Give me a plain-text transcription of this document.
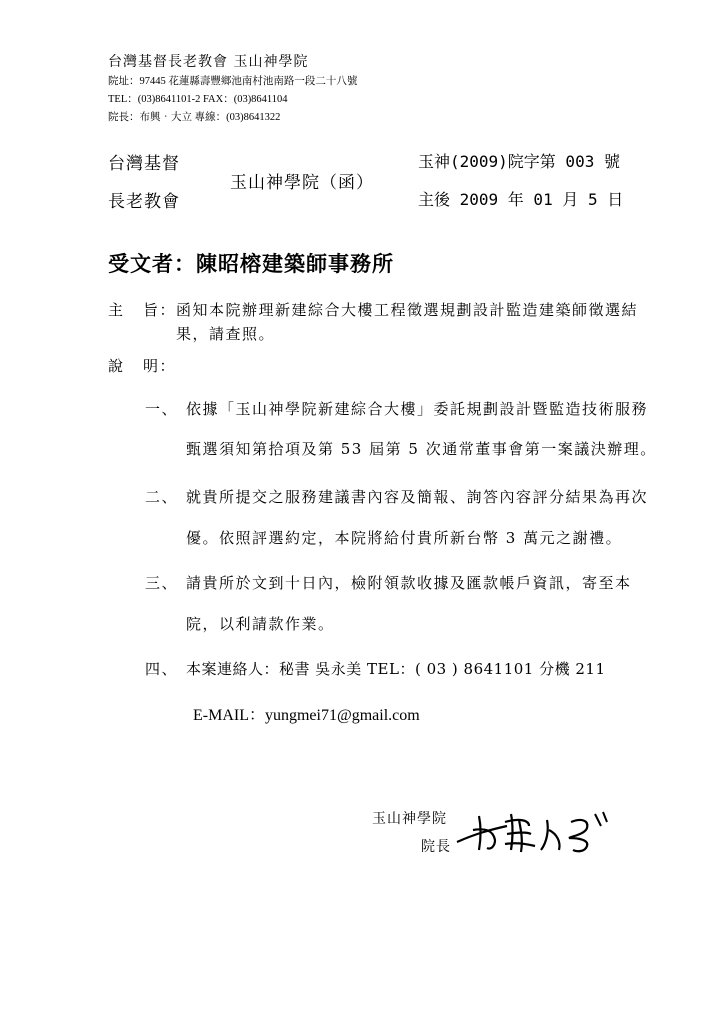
台灣基督長老教會 玉山神學院
院址：97445 花蓮縣壽豐鄉池南村池南路一段二十八號
TEL：(03)8641101-2 FAX：(03)8641104
院長：布興‧大立 專線：(03)8641322
台灣基督
長老教會
玉山神學院（函）
玉神(2009)院字第 003 號
主後 2009 年 01 月 5 日
受文者：陳昭榕建築師事務所
主 旨： 函知本院辦理新建綜合大樓工程徵選規劃設計監造建築師徵選結
果，請查照。
說 明：
一、 依據「玉山神學院新建綜合大樓」委託規劃設計暨監造技術服務
甄選須知第拾項及第 53 屆第 5 次通常董事會第一案議決辦理。
二、 就貴所提交之服務建議書內容及簡報、詢答內容評分結果為再次
優。依照評選約定，本院將給付貴所新台幣 3 萬元之謝禮。
三、 請貴所於文到十日內，檢附領款收據及匯款帳戶資訊，寄至本
院，以利請款作業。
四、 本案連絡人：秘書 吳永美 TEL：( 03 ) 8641101 分機 211
E-MAIL：yungmei71@gmail.com
玉山神學院
院長
